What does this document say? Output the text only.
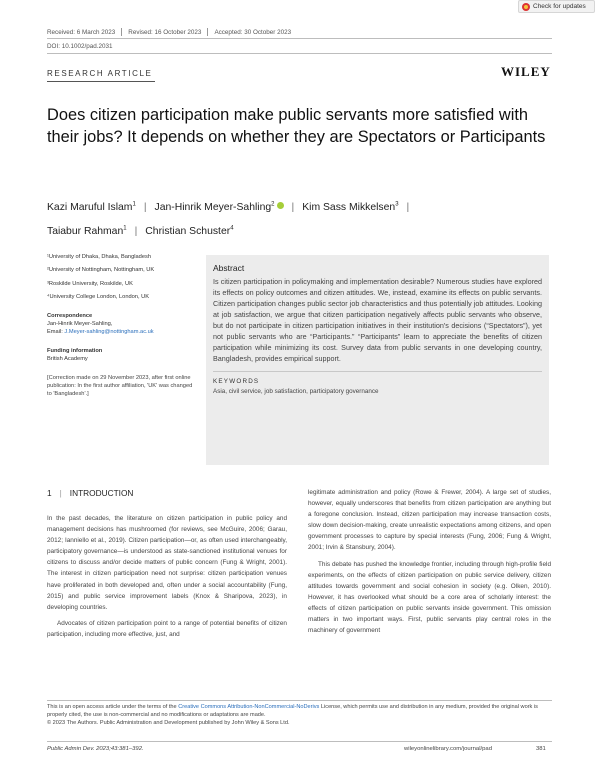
Check for updates
Received: 6 March 2023 Revised: 16 October 2023 Accepted: 30 October 2023
DOI: 10.1002/pad.2031
RESEARCH ARTICLE	WILEY
Does citizen participation make public servants more satisfied with their jobs? It depends on whether they are Spectators or Participants
Kazi Maruful Islam$^1$ | Jan-Hinrik Meyer-Sahling$^2$ | Kim Sass Mikkelsen$^3$ |
Taiabur Rahman$^1$ | Christian Schuster$^4$
¹University of Dhaka, Dhaka, Bangladesh
²University of Nottingham, Nottingham, UK
³Roskilde University, Roskilde, UK
⁴University College London, London, UK
Correspondence
Jan-Hinrik Meyer-Sahling,
Email: J.Meyer-sahling@nottingham.ac.uk
Funding information
British Academy
[Correction made on 29 November 2023, after first online publication: In the first author affiliation, 'UK' was changed to 'Bangladesh'.]
Abstract
Is citizen participation in policymaking and implementation desirable? Numerous studies have explored its effects on policy outcomes and citizen attitudes. We, instead, examine its effects on public servants. Citizen participation changes public sector job characteristics and thus potentially job attitudes. Looking at job satisfaction, we argue that citizen participation negatively affects public servants who observe, but do not participate in citizen participation initiatives in their institution's decisions (“Spectators”), yet not public servants who are “Participants.” “Participants” learn to appreciate the benefits of citizen participation while minimizing its cost. Survey data from public servants in one developing country, Bangladesh, provides empirical support.
KEYWORDS
Asia, civil service, job satisfaction, participatory governance
1 | INTRODUCTION

In the past decades, the literature on citizen participation in public policy and management decisions has mushroomed (for reviews, see McGuire, 2006; Garau, 2012; Ianniello et al., 2019). Citizen participation—or, as often used interchangeably, participatory governance—is understood as state-sanctioned institutional venues for citizens to discuss and/or decide matters of public concern (Fung & Wright, 2001). The interest in citizen participation need not surprise: citizen participation venues have proliferated in both developed and, often under a social accountability (Fung, 2015) and public service improvement labels (Knox & Sharipova, 2023), in developing countries.

Advocates of citizen participation point to a range of potential benefits of citizen participation, including more effective, just, and

legitimate administration and policy (Rowe & Frewer, 2004). A large set of studies, however, equally underscores that benefits from citizen participation are anything but a foregone conclusion. Instead, citizen participation may increase transaction costs, slow down decision-making, create unrealistic expectations among citizens, and open government processes to capture by special interests (Fung, 2006; Fung & Wright, 2001; Irvin & Stansbury, 2004).

This debate has pushed the knowledge frontier, including through high-profile field experiments, on the effects of citizen participation on public service delivery, citizen attitudes towards government and social cohesion in society (e.g. Olken, 2010). However, it has overlooked what should be a core area of scholarly interest: the effects of citizen participation on public servants inside government. This omission matters in two important ways. First, public servants play central roles in the machinery of government

This is an open access article under the terms of the Creative Commons Attribution-NonCommercial-NoDerivs License, which permits use and distribution in any medium, provided the original work is properly cited, the use is non-commercial and no modifications or adaptations are made.
© 2023 The Authors. Public Administration and Development published by John Wiley & Sons Ltd.
Public Admin Dev. 2023;43:381–392.	wileyonlinelibrary.com/journal/pad	381
